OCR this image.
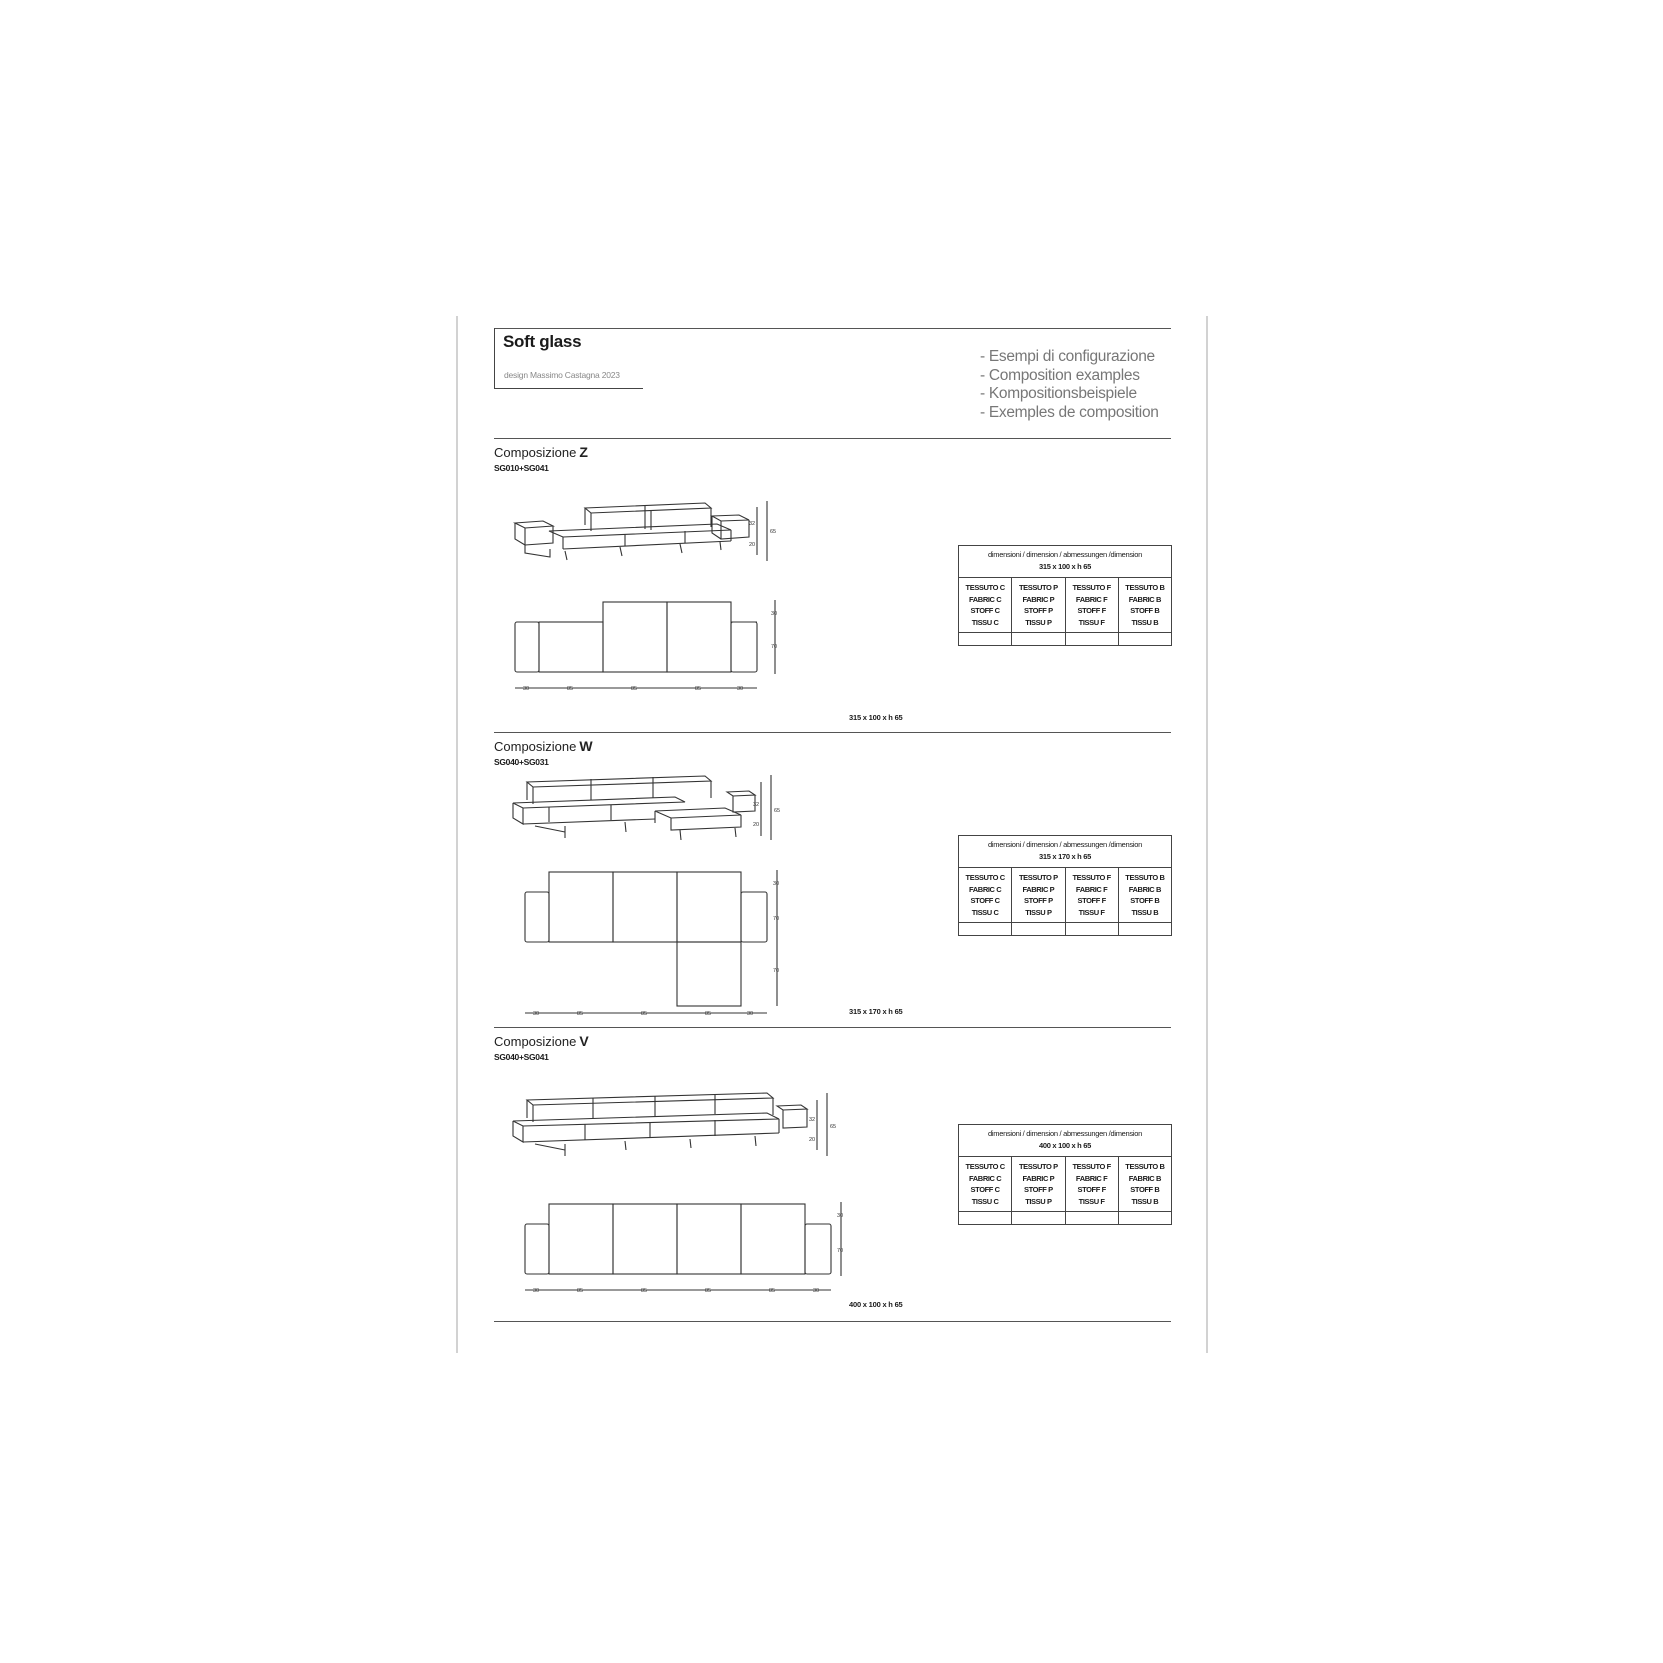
Soft glass
design Massimo Castagna 2023
- Esempi di configurazione
- Composition examples
- Kompositionsbeispiele
- Exemples de composition
Composizione Z
SG010+SG041
32
20
65
30
70
30	85	85	85	30
dimensioni / dimension / abmessungen /dimension
315 x 100 x h 65
TESSUTO C
FABRIC C
STOFF C
TISSU C
TESSUTO P
FABRIC P
STOFF P
TISSU P
TESSUTO F
FABRIC F
STOFF F
TISSU F
TESSUTO B
FABRIC B
STOFF B
TISSU B
315 x 100 x h 65
Composizione W
SG040+SG031
32
20
65
30
70
70
30	85	85	85	30
dimensioni / dimension / abmessungen /dimension
315 x 170 x h 65
TESSUTO C
FABRIC C
STOFF C
TISSU C
TESSUTO P
FABRIC P
STOFF P
TISSU P
TESSUTO F
FABRIC F
STOFF F
TISSU F
TESSUTO B
FABRIC B
STOFF B
TISSU B
315 x 170 x h 65
Composizione V
SG040+SG041
32
20
65
30
70
30	85	85	85	85	30
dimensioni / dimension / abmessungen /dimension
400 x 100 x h 65
TESSUTO C
FABRIC C
STOFF C
TISSU C
TESSUTO P
FABRIC P
STOFF P
TISSU P
TESSUTO F
FABRIC F
STOFF F
TISSU F
TESSUTO B
FABRIC B
STOFF B
TISSU B
400 x 100 x h 65
